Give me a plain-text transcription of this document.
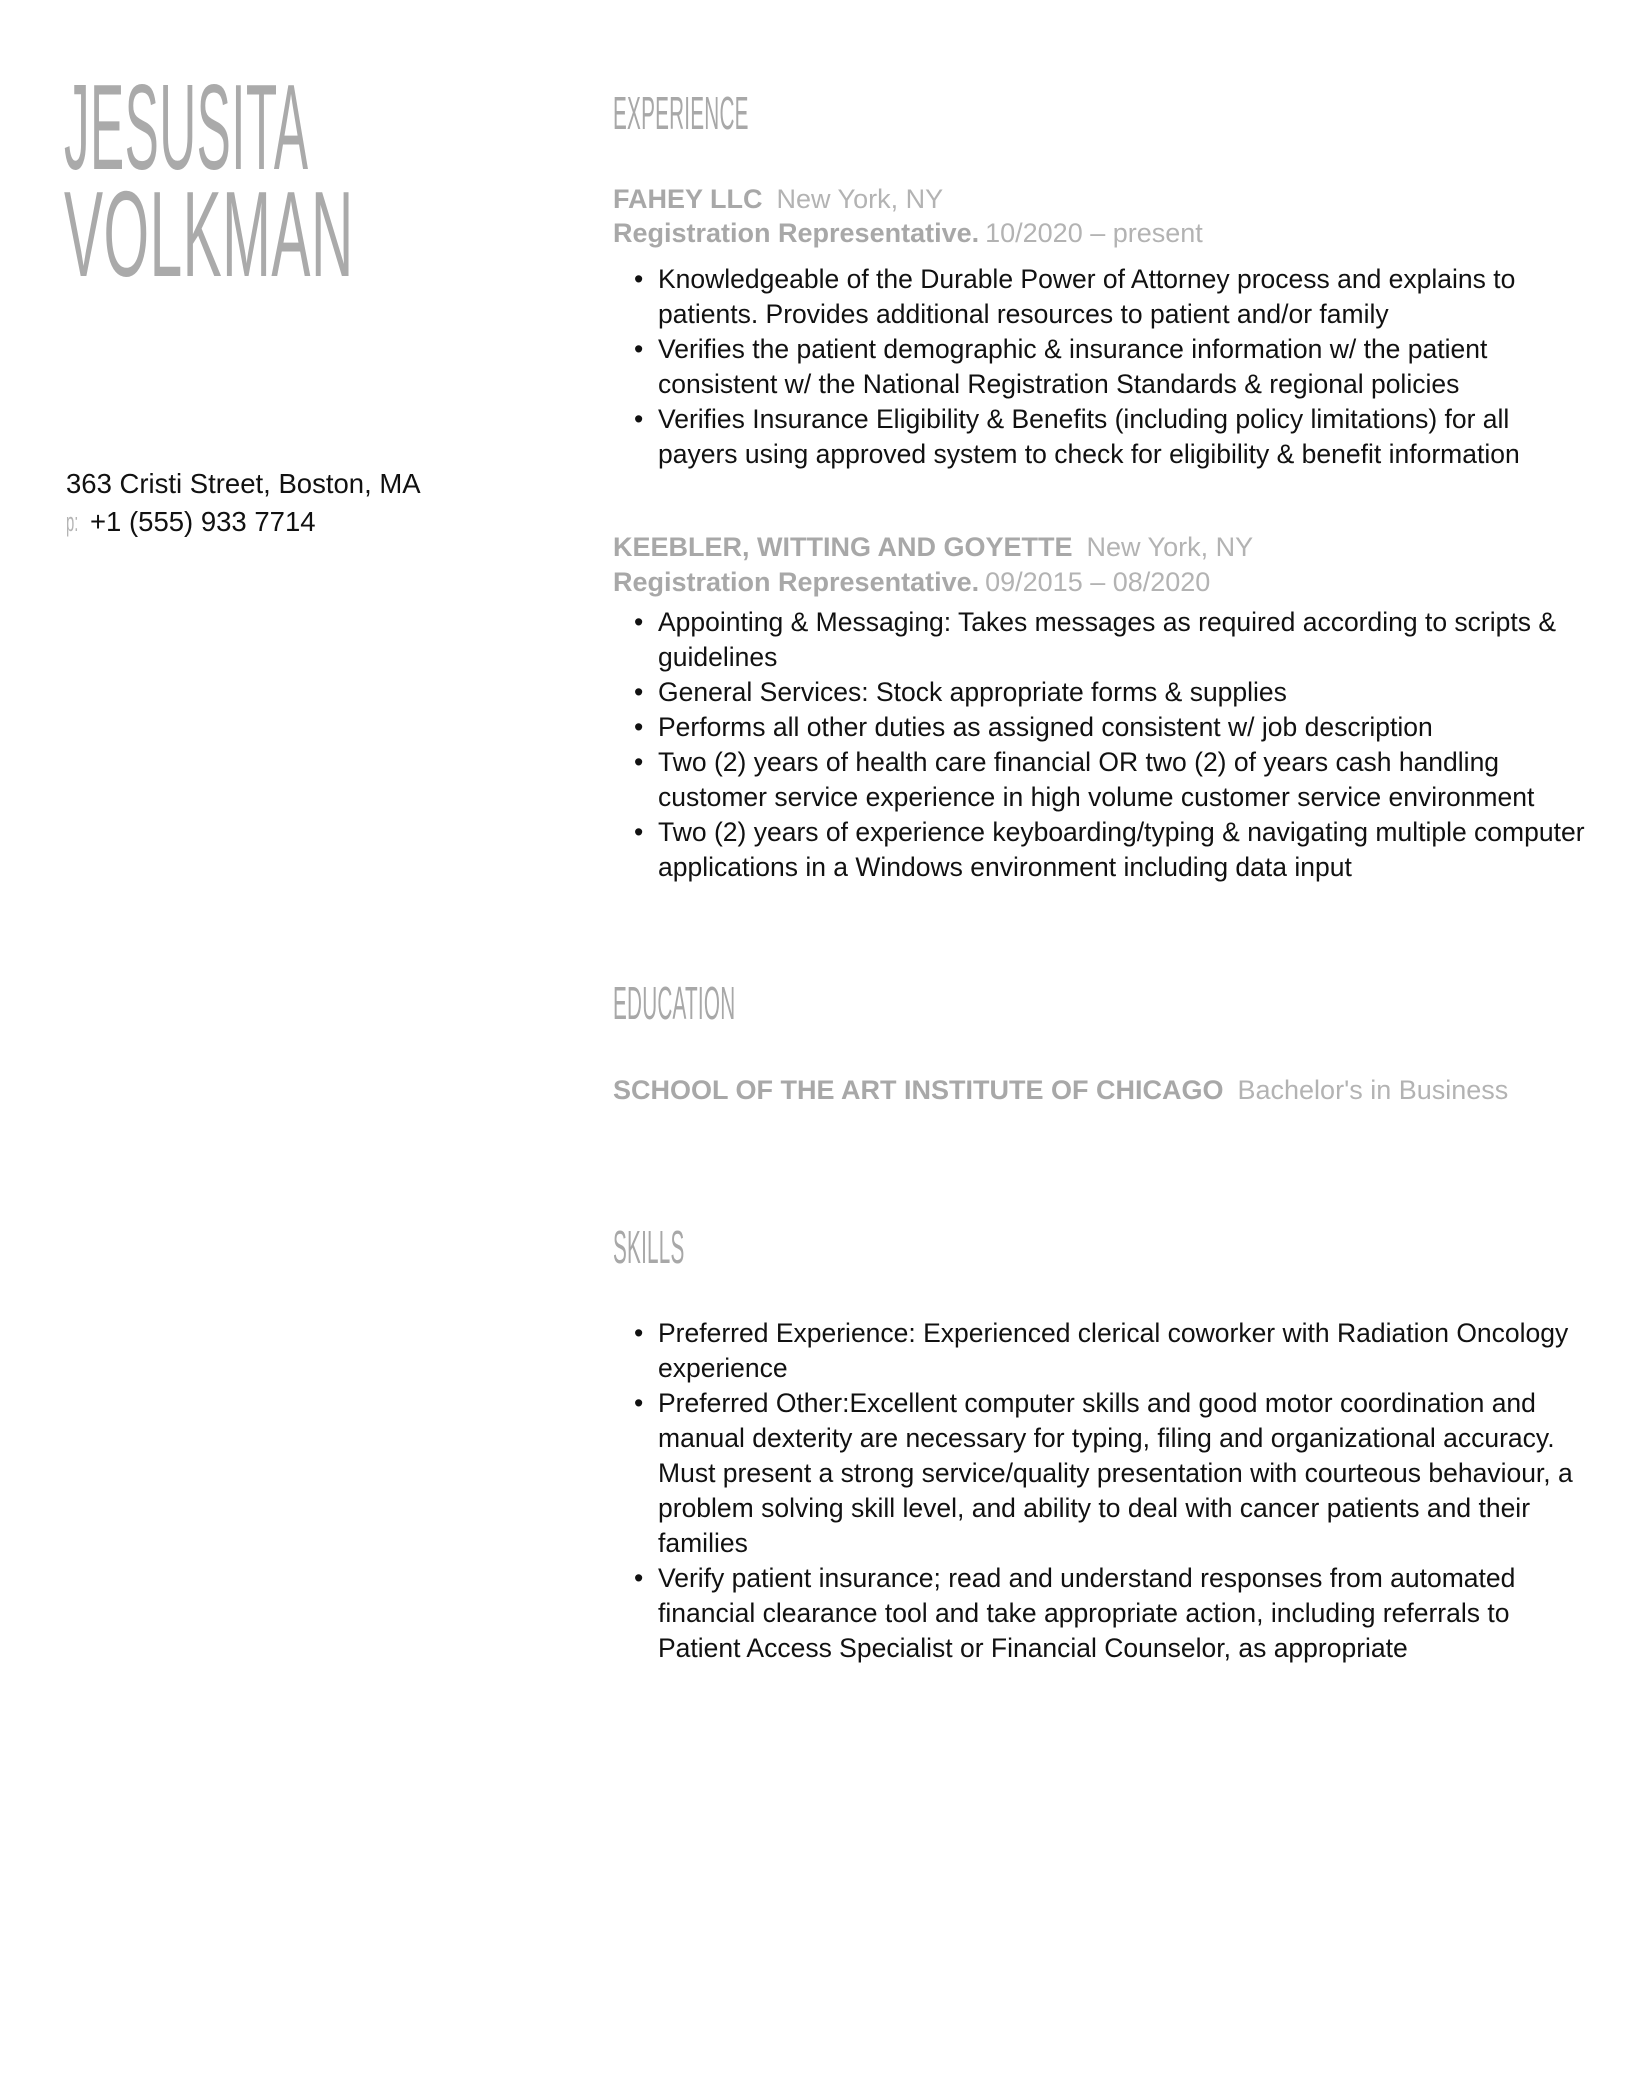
JESUSITA
VOLKMAN
363 Cristi Street, Boston, MA
p: +1 (555) 933 7714
EXPERIENCE
FAHEY LLC New York, NY
Registration Representative. 10/2020 – present
• Knowledgeable of the Durable Power of Attorney process and explains to patients. Provides additional resources to patient and/or family
• Verifies the patient demographic & insurance information w/ the patient consistent w/ the National Registration Standards & regional policies
• Verifies Insurance Eligibility & Benefits (including policy limitations) for all payers using approved system to check for eligibility & benefit information
KEEBLER, WITTING AND GOYETTE New York, NY
Registration Representative. 09/2015 – 08/2020
• Appointing & Messaging: Takes messages as required according to scripts & guidelines
• General Services: Stock appropriate forms & supplies
• Performs all other duties as assigned consistent w/ job description
• Two (2) years of health care financial OR two (2) of years cash handling customer service experience in high volume customer service environment
• Two (2) years of experience keyboarding/typing & navigating multiple computer applications in a Windows environment including data input
EDUCATION
SCHOOL OF THE ART INSTITUTE OF CHICAGO Bachelor's in Business
SKILLS
• Preferred Experience: Experienced clerical coworker with Radiation Oncology experience
• Preferred Other:Excellent computer skills and good motor coordination and manual dexterity are necessary for typing, filing and organizational accuracy. Must present a strong service/quality presentation with courteous behaviour, a problem solving skill level, and ability to deal with cancer patients and their families
• Verify patient insurance; read and understand responses from automated financial clearance tool and take appropriate action, including referrals to Patient Access Specialist or Financial Counselor, as appropriate
